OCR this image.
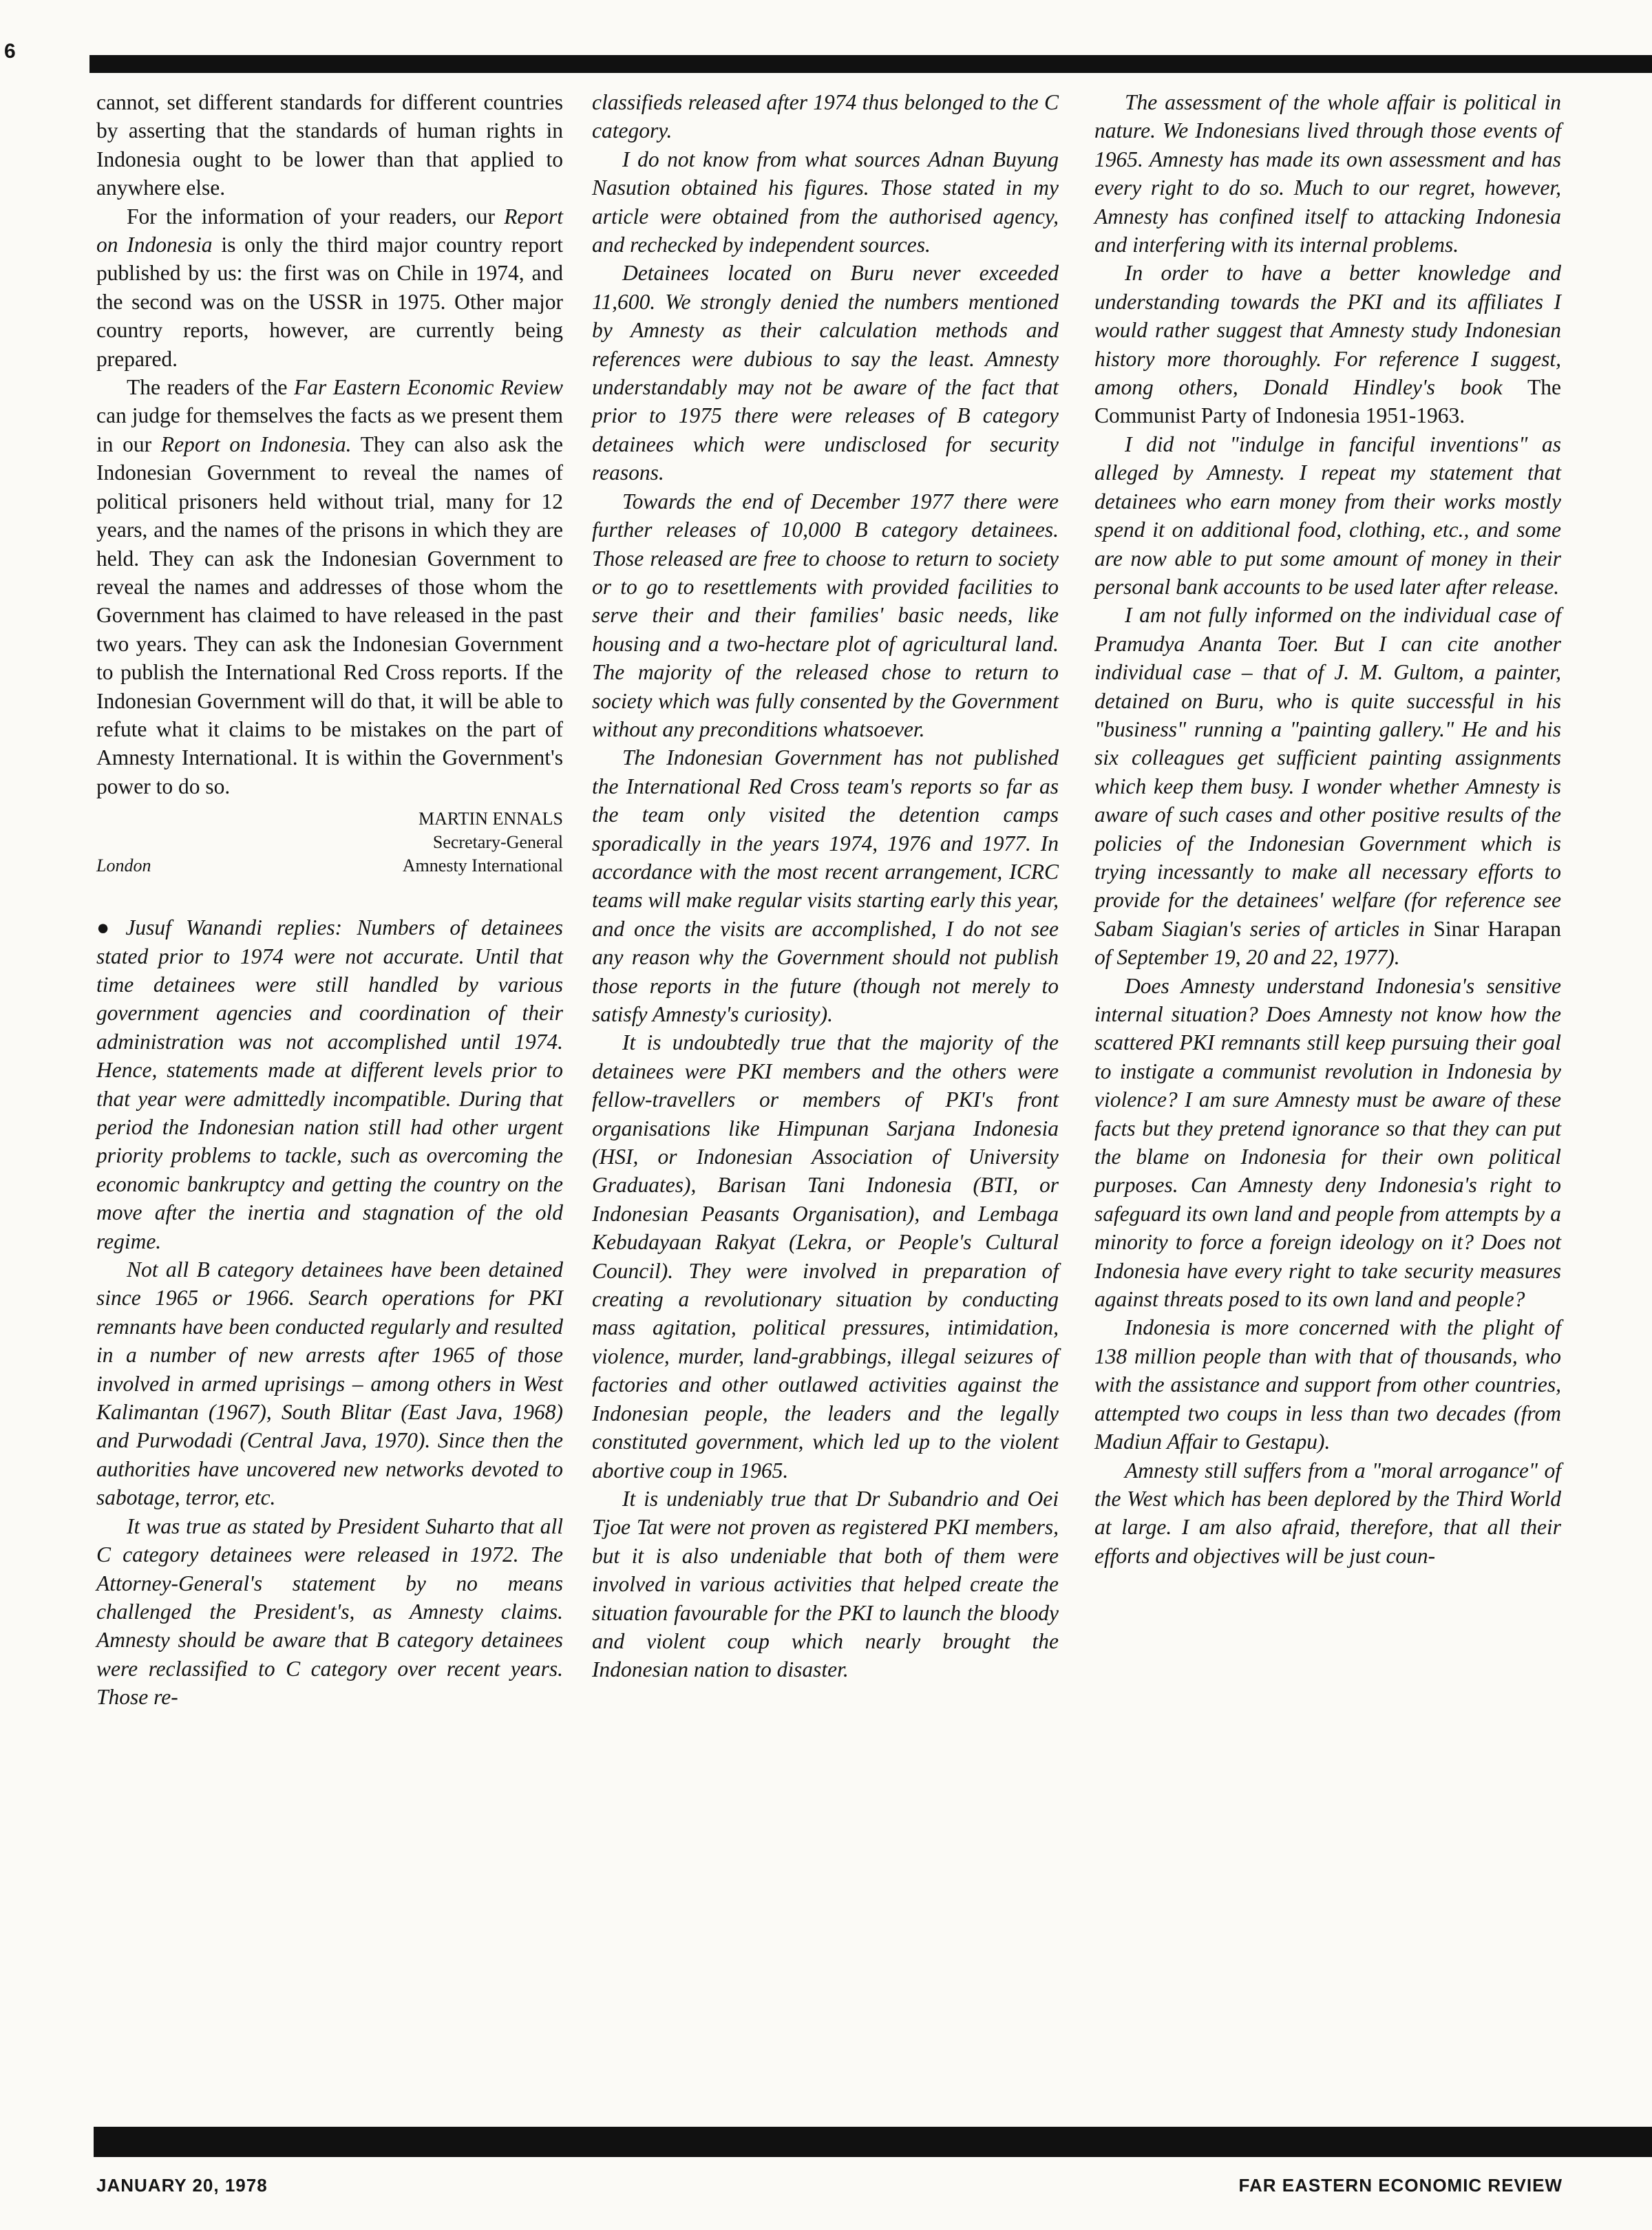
6

cannot, set different standards for different countries by asserting that the standards of human rights in Indonesia ought to be lower than that applied to anywhere else.

For the information of your readers, our Report on Indonesia is only the third major country report published by us: the first was on Chile in 1974, and the second was on the USSR in 1975. Other major country reports, however, are currently being prepared.

The readers of the Far Eastern Economic Review can judge for themselves the facts as we present them in our Report on Indonesia. They can also ask the Indonesian Government to reveal the names of political prisoners held without trial, many for 12 years, and the names of the prisons in which they are held. They can ask the Indonesian Government to reveal the names and addresses of those whom the Government has claimed to have released in the past two years. They can ask the Indonesian Government to publish the International Red Cross reports. If the Indonesian Government will do that, it will be able to refute what it claims to be mistakes on the part of Amnesty International. It is within the Government's power to do so.

MARTIN ENNALS
Secretary-General
London	Amnesty International

● Jusuf Wanandi replies: Numbers of detainees stated prior to 1974 were not accurate. Until that time detainees were still handled by various government agencies and coordination of their administration was not accomplished until 1974. Hence, statements made at different levels prior to that year were admittedly incompatible. During that period the Indonesian nation still had other urgent priority problems to tackle, such as overcoming the economic bankruptcy and getting the country on the move after the inertia and stagnation of the old regime.

Not all B category detainees have been detained since 1965 or 1966. Search operations for PKI remnants have been conducted regularly and resulted in a number of new arrests after 1965 of those involved in armed uprisings – among others in West Kalimantan (1967), South Blitar (East Java, 1968) and Purwodadi (Central Java, 1970). Since then the authorities have uncovered new networks devoted to sabotage, terror, etc.

It was true as stated by President Suharto that all C category detainees were released in 1972. The Attorney-General's statement by no means challenged the President's, as Amnesty claims. Amnesty should be aware that B category detainees were reclassified to C category over recent years. Those re-

classifieds released after 1974 thus belonged to the C category.

I do not know from what sources Adnan Buyung Nasution obtained his figures. Those stated in my article were obtained from the authorised agency, and rechecked by independent sources.

Detainees located on Buru never exceeded 11,600. We strongly denied the numbers mentioned by Amnesty as their calculation methods and references were dubious to say the least. Amnesty understandably may not be aware of the fact that prior to 1975 there were releases of B category detainees which were undisclosed for security reasons.

Towards the end of December 1977 there were further releases of 10,000 B category detainees. Those released are free to choose to return to society or to go to resettlements with provided facilities to serve their and their families' basic needs, like housing and a two-hectare plot of agricultural land. The majority of the released chose to return to society which was fully consented by the Government without any preconditions whatsoever.

The Indonesian Government has not published the International Red Cross team's reports so far as the team only visited the detention camps sporadically in the years 1974, 1976 and 1977. In accordance with the most recent arrangement, ICRC teams will make regular visits starting early this year, and once the visits are accomplished, I do not see any reason why the Government should not publish those reports in the future (though not merely to satisfy Amnesty's curiosity).

It is undoubtedly true that the majority of the detainees were PKI members and the others were fellow-travellers or members of PKI's front organisations like Himpunan Sarjana Indonesia (HSI, or Indonesian Association of University Graduates), Barisan Tani Indonesia (BTI, or Indonesian Peasants Organisation), and Lembaga Kebudayaan Rakyat (Lekra, or People's Cultural Council). They were involved in preparation of creating a revolutionary situation by conducting mass agitation, political pressures, intimidation, violence, murder, land-grabbings, illegal seizures of factories and other outlawed activities against the Indonesian people, the leaders and the legally constituted government, which led up to the violent abortive coup in 1965.

It is undeniably true that Dr Subandrio and Oei Tjoe Tat were not proven as registered PKI members, but it is also undeniable that both of them were involved in various activities that helped create the situation favourable for the PKI to launch the bloody and violent coup which nearly brought the Indonesian nation to disaster.

The assessment of the whole affair is political in nature. We Indonesians lived through those events of 1965. Amnesty has made its own assessment and has every right to do so. Much to our regret, however, Amnesty has confined itself to attacking Indonesia and interfering with its internal problems.

In order to have a better knowledge and understanding towards the PKI and its affiliates I would rather suggest that Amnesty study Indonesian history more thoroughly. For reference I suggest, among others, Donald Hindley's book The Communist Party of Indonesia 1951-1963.

I did not "indulge in fanciful inventions" as alleged by Amnesty. I repeat my statement that detainees who earn money from their works mostly spend it on additional food, clothing, etc., and some are now able to put some amount of money in their personal bank accounts to be used later after release.

I am not fully informed on the individual case of Pramudya Ananta Toer. But I can cite another individual case – that of J. M. Gultom, a painter, detained on Buru, who is quite successful in his "business" running a "painting gallery." He and his six colleagues get sufficient painting assignments which keep them busy. I wonder whether Amnesty is aware of such cases and other positive results of the policies of the Indonesian Government which is trying incessantly to make all necessary efforts to provide for the detainees' welfare (for reference see Sabam Siagian's series of articles in Sinar Harapan of September 19, 20 and 22, 1977).

Does Amnesty understand Indonesia's sensitive internal situation? Does Amnesty not know how the scattered PKI remnants still keep pursuing their goal to instigate a communist revolution in Indonesia by violence? I am sure Amnesty must be aware of these facts but they pretend ignorance so that they can put the blame on Indonesia for their own political purposes. Can Amnesty deny Indonesia's right to safeguard its own land and people from attempts by a minority to force a foreign ideology on it? Does not Indonesia have every right to take security measures against threats posed to its own land and people?

Indonesia is more concerned with the plight of 138 million people than with that of thousands, who with the assistance and support from other countries, attempted two coups in less than two decades (from Madiun Affair to Gestapu).

Amnesty still suffers from a "moral arrogance" of the West which has been deplored by the Third World at large. I am also afraid, therefore, that all their efforts and objectives will be just coun-

JANUARY 20, 1978	FAR EASTERN ECONOMIC REVIEW
